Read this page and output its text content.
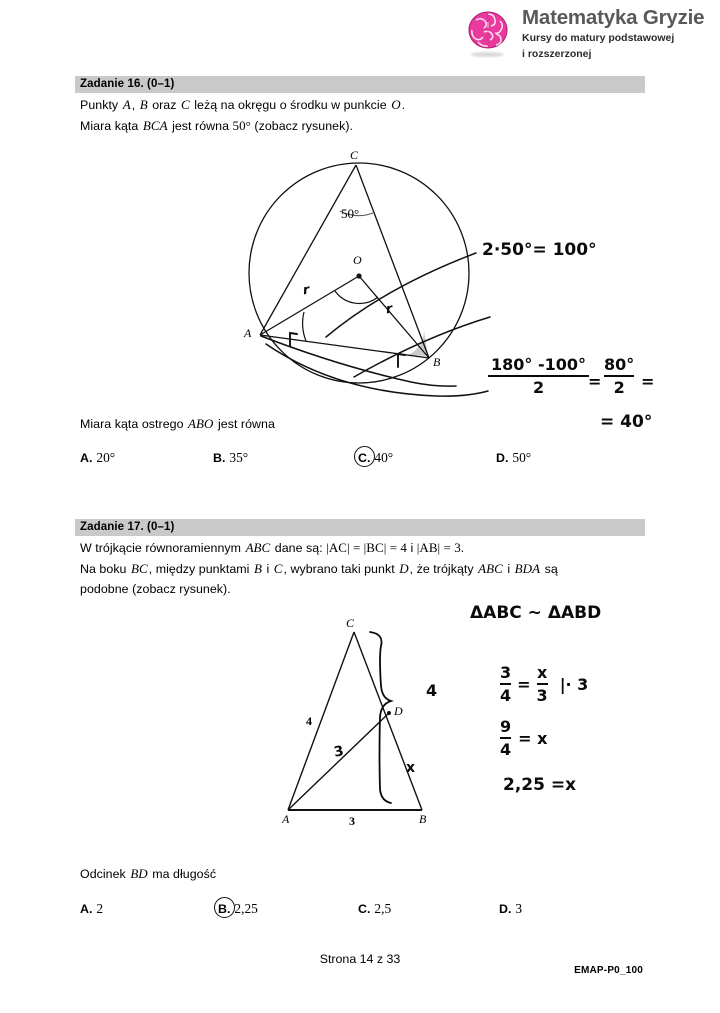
Matematyka Gryzie
Kursy do matury podstawowej
i rozszerzonej
Zadanie 16. (0–1)
Punkty A, B oraz C leżą na okręgu o środku w punkcie O.
Miara kąta BCA jest równa 50° (zobacz rysunek).
C
A
B
O
50°
r
r
2·50°= 100°
180° -100°
2	=
80°
2	=
= 40°
Miara kąta ostrego ABO jest równa
A. 20°	B. 35°	C. 40°	D. 50°
Zadanie 17. (0–1)
W trójkącie równoramiennym ABC dane są: |AC| = |BC| = 4 i |AB| = 3.
Na boku BC, między punktami B i C, wybrano taki punkt D, że trójkąty ABC i BDA są
podobne (zobacz rysunek).
C
A	B
D
4
3
3
x
4
ΔABC ~ ΔABD
3
4
=
x
3
|· 3
9
4
= x
2,25 =x
Odcinek BD ma długość
A. 2	B. 2,25	C. 2,5	D. 3
Strona 14 z 33
EMAP-P0_100
